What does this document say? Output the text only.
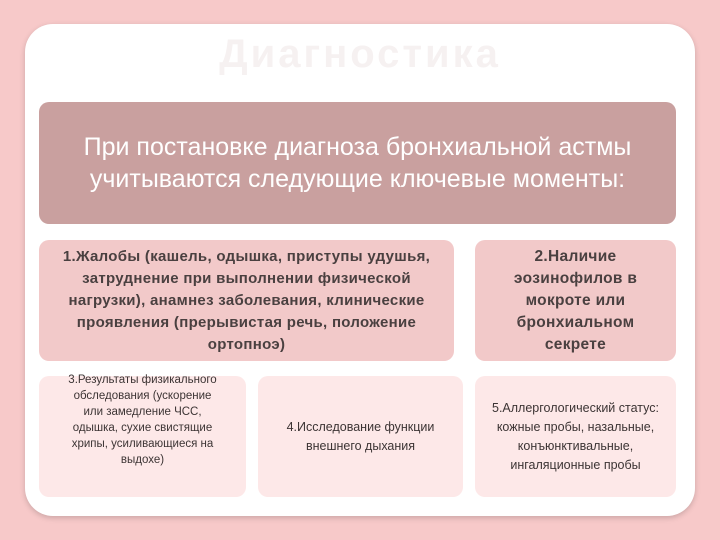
Диагностика
При постановке диагноза бронхиальной астмы учитываются следующие ключевые моменты:
1.Жалобы (кашель, одышка, приступы удушья, затруднение при выполнении физической нагрузки), анамнез заболевания, клинические проявления (прерывистая речь, положение ортопноэ)
2.Наличие эозинофилов в мокроте или бронхиальном секрете
3.Результаты физикального обследования (ускорение или замедление ЧСС, одышка, сухие свистящие хрипы, усиливающиеся на выдохе)
4.Исследование функции внешнего дыхания
5.Аллергологический статус: кожные пробы, назальные, конъюнктивальные, ингаляционные пробы
